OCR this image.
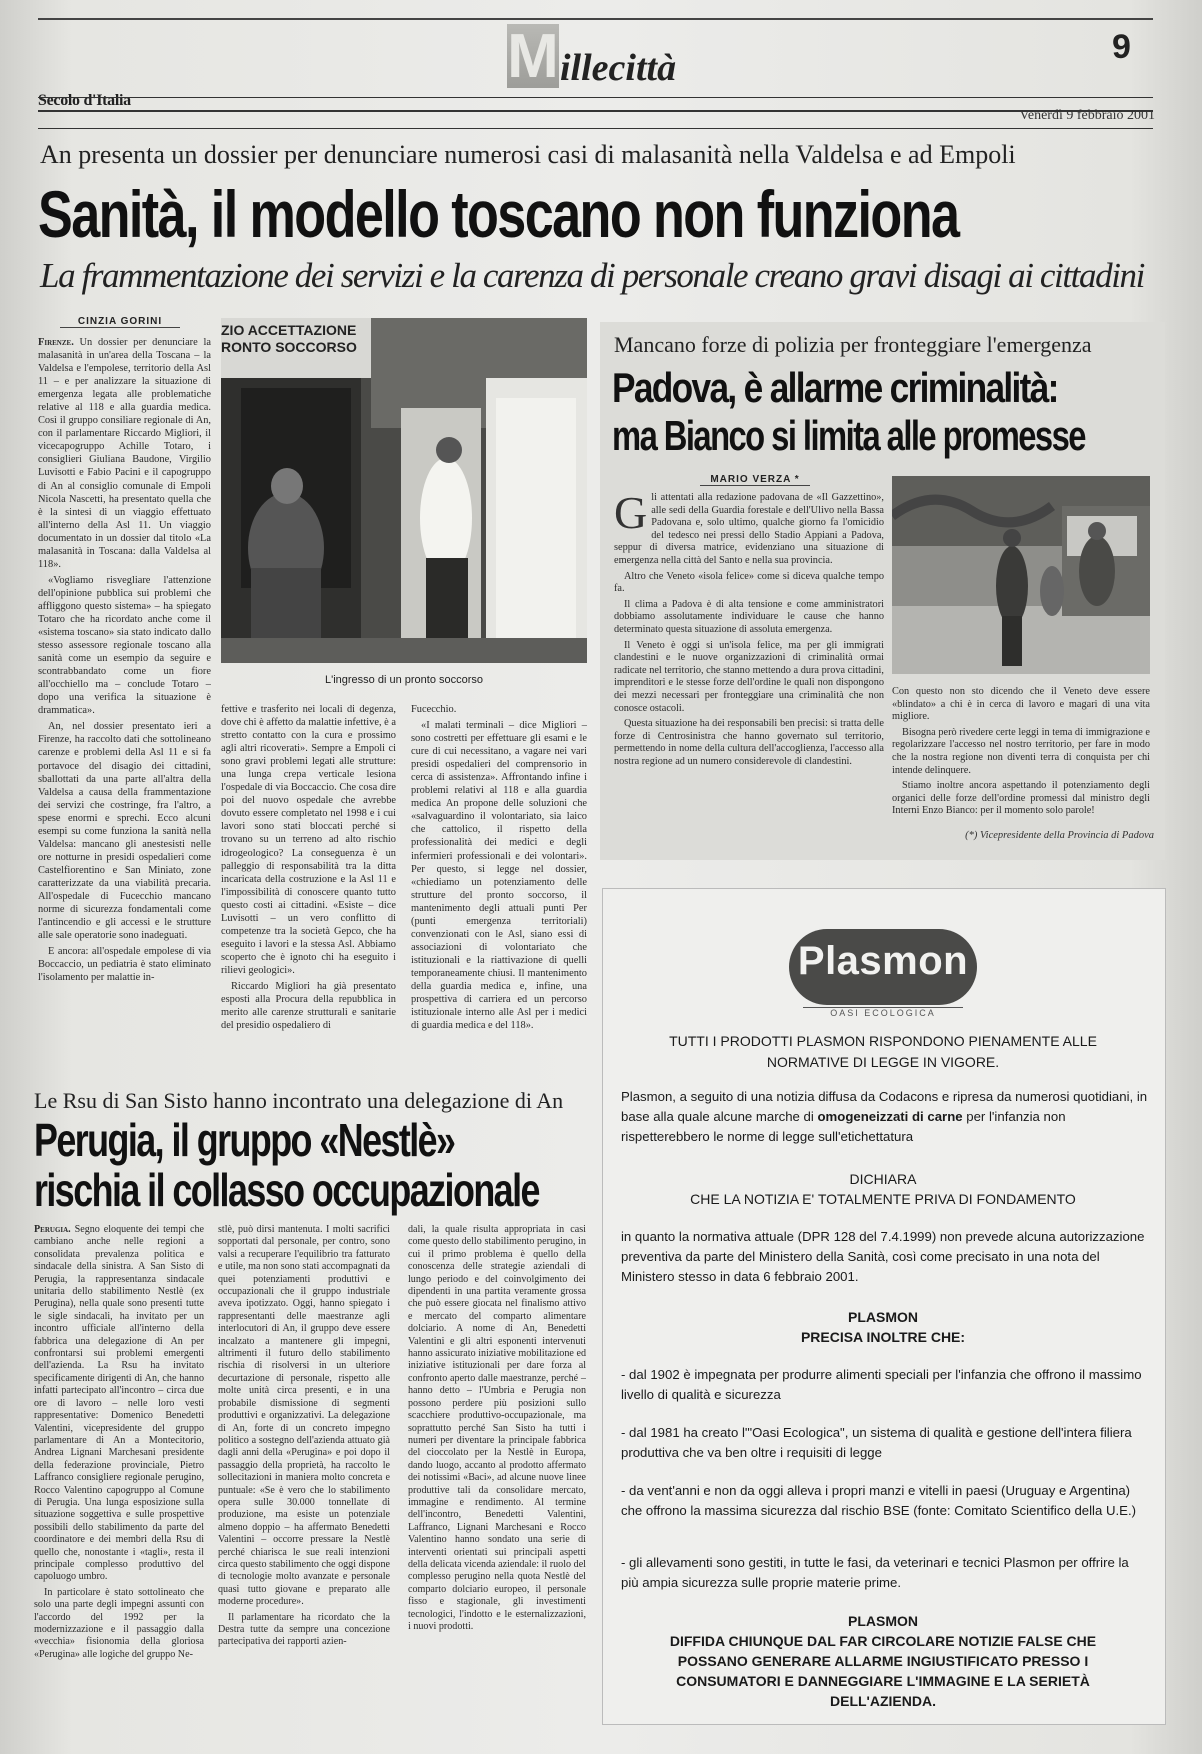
M illecittà	9
Secolo d'Italia
Venerdì 9 febbraio 2001
An presenta un dossier per denunciare numerosi casi di malasanità nella Valdelsa e ad Empoli
Sanità, il modello toscano non funziona
La frammentazione dei servizi e la carenza di personale creano gravi disagi ai cittadini
CINZIA GORINI

Firenze. Un dossier per denunciare la malasanità in un'area della Toscana – la Valdelsa e l'empolese, territorio della Asl 11 – e per analizzare la situazione di emergenza legata alle problematiche relative al 118 e alla guardia medica. Così il gruppo consiliare regionale di An, con il parlamentare Riccardo Migliori, il vicecapogruppo Achille Totaro, i consiglieri Giuliana Baudone, Virgilio Luvisotti e Fabio Pacini e il capogruppo di An al consiglio comunale di Empoli Nicola Nascetti, ha presentato quella che è la sintesi di un viaggio effettuato all'interno della Asl 11. Un viaggio documentato in un dossier dal titolo «La malasanità in Toscana: dalla Valdelsa al 118».

«Vogliamo risvegliare l'attenzione dell'opinione pubblica sui problemi che affliggono questo sistema» – ha spiegato Totaro che ha ricordato anche come il «sistema toscano» sia stato indicato dallo stesso assessore regionale toscano alla sanità come un esempio da seguire e scontrabbandato come un fiore all'occhiello ma – conclude Totaro – dopo una verifica la situazione è drammatica».

An, nel dossier presentato ieri a Firenze, ha raccolto dati che sottolineano carenze e problemi della Asl 11 e si fa portavoce del disagio dei cittadini, sballottati da una parte all'altra della Valdelsa a causa della frammentazione dei servizi che costringe, fra l'altro, a spese enormi e sprechi. Ecco alcuni esempi su come funziona la sanità nella Valdelsa: mancano gli anestesisti nelle ore notturne in presidi ospedalieri come Castelfiorentino e San Miniato, zone caratterizzate da una viabilità precaria. All'ospedale di Fucecchio mancano norme di sicurezza fondamentali come l'antincendio e gli accessi e le strutture alle sale operatorie sono inadeguati.

E ancora: all'ospedale empolese di via Boccaccio, un pediatria è stato eliminato l'isolamento per malattie in-

ZIO ACCETTAZIONE
RONTO SOCCORSO
L'ingresso di un pronto soccorso

fettive e trasferito nei locali di degenza, dove chi è affetto da malattie infettive, è a stretto contatto con la cura e prossimo agli altri ricoverati». Sempre a Empoli ci sono gravi problemi legati alle strutture: una lunga crepa verticale lesiona l'ospedale di via Boccaccio. Che cosa dire poi del nuovo ospedale che avrebbe dovuto essere completato nel 1998 e i cui lavori sono stati bloccati perché si trovano su un terreno ad alto rischio idrogeologico? La conseguenza è un palleggio di responsabilità tra la ditta incaricata della costruzione e la Asl 11 e l'impossibilità di conoscere quanto tutto questo costi ai cittadini. «Esiste – dice Luvisotti – un vero conflitto di competenze tra la società Gepco, che ha eseguito i lavori e la stessa Asl. Abbiamo scoperto che è ignoto chi ha eseguito i rilievi geologici».

Riccardo Migliori ha già presentato esposti alla Procura della repubblica in merito alle carenze strutturali e sanitarie del presidio ospedaliero di

Fucecchio.

«I malati terminali – dice Migliori – sono costretti per effettuare gli esami e le cure di cui necessitano, a vagare nei vari presidi ospedalieri del comprensorio in cerca di assistenza». Affrontando infine i problemi relativi al 118 e alla guardia medica An propone delle soluzioni che «salvaguardino il volontariato, sia laico che cattolico, il rispetto della professionalità dei medici e degli infermieri professionali e dei volontari». Per questo, si legge nel dossier, «chiediamo un potenziamento delle strutture del pronto soccorso, il mantenimento degli attuali punti Per (punti emergenza territoriali) convenzionati con le Asl, siano essi di associazioni di volontariato che istituzionali e la riattivazione di quelli temporaneamente chiusi. Il mantenimento della guardia medica e, infine, una prospettiva di carriera ed un percorso istituzionale interno alle Asl per i medici di guardia medica e del 118».

Mancano forze di polizia per fronteggiare l'emergenza
Padova, è allarme criminalità:
ma Bianco si limita alle promesse
MARIO VERZA *

Gli attentati alla redazione padovana de «Il Gazzettino», alle sedi della Guardia forestale e dell'Ulivo nella Bassa Padovana e, solo ultimo, qualche giorno fa l'omicidio del tedesco nei pressi dello Stadio Appiani a Padova, seppur di diversa matrice, evidenziano una situazione di emergenza nella città del Santo e nella sua provincia.

Altro che Veneto «isola felice» come si diceva qualche tempo fa.

Il clima a Padova è di alta tensione e come amministratori dobbiamo assolutamente individuare le cause che hanno determinato questa situazione di assoluta emergenza.

Il Veneto è oggi si un'isola felice, ma per gli immigrati clandestini e le nuove organizzazioni di criminalità ormai radicate nel territorio, che stanno mettendo a dura prova cittadini, imprenditori e le stesse forze dell'ordine le quali non dispongono dei mezzi necessari per fronteggiare una criminalità che non conosce ostacoli.

Questa situazione ha dei responsabili ben precisi: si tratta delle forze di Centrosinistra che hanno governato sul territorio, permettendo in nome della cultura dell'accoglienza, l'accesso alla nostra regione ad un numero considerevole di clandestini.

Con questo non sto dicendo che il Veneto deve essere «blindato» a chi è in cerca di lavoro e magari di una vita migliore.

Bisogna però rivedere certe leggi in tema di immigrazione e regolarizzare l'accesso nel nostro territorio, per fare in modo che la nostra regione non diventi terra di conquista per chi intende delinquere.

Stiamo inoltre ancora aspettando il potenziamento degli organici delle forze dell'ordine promessi dal ministro degli Interni Enzo Bianco: per il momento solo parole!

(*) Vicepresidente della Provincia di Padova
Le Rsu di San Sisto hanno incontrato una delegazione di An
Perugia, il gruppo «Nestlè»
rischia il collasso occupazionale

Perugia. Segno eloquente dei tempi che cambiano anche nelle regioni a consolidata prevalenza politica e sindacale della sinistra. A San Sisto di Perugia, la rappresentanza sindacale unitaria dello stabilimento Nestlè (ex Perugina), nella quale sono presenti tutte le sigle sindacali, ha invitato per un incontro ufficiale all'interno della fabbrica una delegazione di An per confrontarsi sui problemi emergenti dell'azienda. La Rsu ha invitato specificamente dirigenti di An, che hanno infatti partecipato all'incontro – circa due ore di lavoro – nelle loro vesti rappresentative: Domenico Benedetti Valentini, vicepresidente del gruppo parlamentare di An a Montecitorio, Andrea Lignani Marchesani presidente della federazione provinciale, Pietro Laffranco consigliere regionale perugino, Rocco Valentino capogruppo al Comune di Perugia. Una lunga esposizione sulla situazione soggettiva e sulle prospettive possibili dello stabilimento da parte del coordinatore e dei membri della Rsu di quello che, nonostante i «tagli», resta il principale complesso produttivo del capoluogo umbro.

In particolare è stato sottolineato che solo una parte degli impegni assunti con l'accordo del 1992 per la modernizzazione e il passaggio dalla «vecchia» fisionomia della gloriosa «Perugina» alle logiche del gruppo Ne-

stlè, può dirsi mantenuta. I molti sacrifici sopportati dal personale, per contro, sono valsi a recuperare l'equilibrio tra fatturato e utile, ma non sono stati accompagnati da quei potenziamenti produttivi e occupazionali che il gruppo industriale aveva ipotizzato. Oggi, hanno spiegato i rappresentanti delle maestranze agli interlocutori di An, il gruppo deve essere incalzato a mantenere gli impegni, altrimenti il futuro dello stabilimento rischia di risolversi in un ulteriore decurtazione di personale, rispetto alle molte unità circa presenti, e in una probabile dismissione di segmenti produttivi e organizzativi. La delegazione di An, forte di un concreto impegno politico a sostegno dell'azienda attuato già dagli anni della «Perugina» e poi dopo il passaggio della proprietà, ha raccolto le sollecitazioni in maniera molto concreta e puntuale: «Se è vero che lo stabilimento opera sulle 30.000 tonnellate di produzione, ma esiste un potenziale almeno doppio – ha affermato Benedetti Valentini – occorre pressare la Nestlè perché chiarisca le sue reali intenzioni circa questo stabilimento che oggi dispone di tecnologie molto avanzate e personale quasi tutto giovane e preparato alle moderne procedure».

Il parlamentare ha ricordato che la Destra tutte da sempre una concezione partecipativa dei rapporti azien-

dali, la quale risulta appropriata in casi come questo dello stabilimento perugino, in cui il primo problema è quello della conoscenza delle strategie aziendali di lungo periodo e del coinvolgimento dei dipendenti in una partita veramente grossa che può essere giocata nel finalismo attivo e mercato del comparto alimentare dolciario. A nome di An, Benedetti Valentini e gli altri esponenti intervenuti hanno assicurato iniziative mobilitazione ed iniziative istituzionali per dare forza al confronto aperto dalle maestranze, perché – hanno detto – l'Umbria e Perugia non possono perdere più posizioni sullo scacchiere produttivo-occupazionale, ma soprattutto perché San Sisto ha tutti i numeri per diventare la principale fabbrica del cioccolato per la Nestlè in Europa, dando luogo, accanto al prodotto affermato dei notissimi «Baci», ad alcune nuove linee produttive tali da consolidare mercato, immagine e rendimento. Al termine dell'incontro, Benedetti Valentini, Laffranco, Lignani Marchesani e Rocco Valentino hanno sondato una serie di interventi orientati sui principali aspetti della delicata vicenda aziendale: il ruolo del complesso perugino nella quota Nestlè del comparto dolciario europeo, il personale fisso e stagionale, gli investimenti tecnologici, l'indotto e le esternalizzazioni, i nuovi prodotti.

Plasmon
OASI ECOLOGICA
TUTTI I PRODOTTI PLASMON RISPONDONO PIENAMENTE ALLE NORMATIVE DI LEGGE IN VIGORE.
Plasmon, a seguito di una notizia diffusa da Codacons e ripresa da numerosi quotidiani, in base alla quale alcune marche di omogeneizzati di carne per l'infanzia non rispetterebbero le norme di legge sull'etichettatura
DICHIARA
CHE LA NOTIZIA E' TOTALMENTE PRIVA DI FONDAMENTO
in quanto la normativa attuale (DPR 128 del 7.4.1999) non prevede alcuna autorizzazione preventiva da parte del Ministero della Sanità, così come precisato in una nota del Ministero stesso in data 6 febbraio 2001.
PLASMON
PRECISA INOLTRE CHE:
- dal 1902 è impegnata per produrre alimenti speciali per l'infanzia che offrono il massimo livello di qualità e sicurezza
- dal 1981 ha creato l'"Oasi Ecologica", un sistema di qualità e gestione dell'intera filiera produttiva che va ben oltre i requisiti di legge
- da vent'anni e non da oggi alleva i propri manzi e vitelli in paesi (Uruguay e Argentina) che offrono la massima sicurezza dal rischio BSE (fonte: Comitato Scientifico della U.E.)
- gli allevamenti sono gestiti, in tutte le fasi, da veterinari e tecnici Plasmon per offrire la più ampia sicurezza sulle proprie materie prime.
PLASMON
DIFFIDA CHIUNQUE DAL FAR CIRCOLARE NOTIZIE FALSE CHE POSSANO GENERARE ALLARME INGIUSTIFICATO PRESSO I CONSUMATORI E DANNEGGIARE L'IMMAGINE E LA SERIETÀ DELL'AZIENDA.
